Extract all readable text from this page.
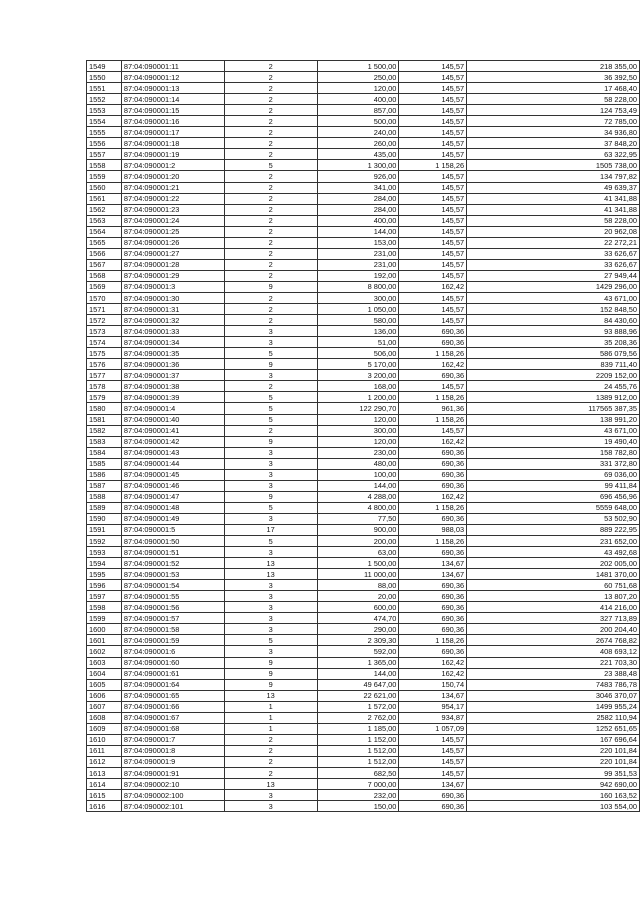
1549	87:04:090001:11	2	1 500,00	145,57	218 355,00
1550	87:04:090001:12	2	250,00	145,57	36 392,50
1551	87:04:090001:13	2	120,00	145,57	17 468,40
1552	87:04:090001:14	2	400,00	145,57	58 228,00
1553	87:04:090001:15	2	857,00	145,57	124 753,49
1554	87:04:090001:16	2	500,00	145,57	72 785,00
1555	87:04:090001:17	2	240,00	145,57	34 936,80
1556	87:04:090001:18	2	260,00	145,57	37 848,20
1557	87:04:090001:19	2	435,00	145,57	63 322,95
1558	87:04:090001:2	5	1 300,00	1 158,26	1505 738,00
1559	87:04:090001:20	2	926,00	145,57	134 797,82
1560	87:04:090001:21	2	341,00	145,57	49 639,37
1561	87:04:090001:22	2	284,00	145,57	41 341,88
1562	87:04:090001:23	2	284,00	145,57	41 341,88
1563	87:04:090001:24	2	400,00	145,57	58 228,00
1564	87:04:090001:25	2	144,00	145,57	20 962,08
1565	87:04:090001:26	2	153,00	145,57	22 272,21
1566	87:04:090001:27	2	231,00	145,57	33 626,67
1567	87:04:090001:28	2	231,00	145,57	33 626,67
1568	87:04:090001:29	2	192,00	145,57	27 949,44
1569	87:04:090001:3	9	8 800,00	162,42	1429 296,00
1570	87:04:090001:30	2	300,00	145,57	43 671,00
1571	87:04:090001:31	2	1 050,00	145,57	152 848,50
1572	87:04:090001:32	2	580,00	145,57	84 430,60
1573	87:04:090001:33	3	136,00	690,36	93 888,96
1574	87:04:090001:34	3	51,00	690,36	35 208,36
1575	87:04:090001:35	5	506,00	1 158,26	586 079,56
1576	87:04:090001:36	9	5 170,00	162,42	839 711,40
1577	87:04:090001:37	3	3 200,00	690,36	2209 152,00
1578	87:04:090001:38	2	168,00	145,57	24 455,76
1579	87:04:090001:39	5	1 200,00	1 158,26	1389 912,00
1580	87:04:090001:4	5	122 290,70	961,36	117565 387,35
1581	87:04:090001:40	5	120,00	1 158,26	138 991,20
1582	87:04:090001:41	2	300,00	145,57	43 671,00
1583	87:04:090001:42	9	120,00	162,42	19 490,40
1584	87:04:090001:43	3	230,00	690,36	158 782,80
1585	87:04:090001:44	3	480,00	690,36	331 372,80
1586	87:04:090001:45	3	100,00	690,36	69 036,00
1587	87:04:090001:46	3	144,00	690,36	99 411,84
1588	87:04:090001:47	9	4 288,00	162,42	696 456,96
1589	87:04:090001:48	5	4 800,00	1 158,26	5559 648,00
1590	87:04:090001:49	3	77,50	690,36	53 502,90
1591	87:04:090001:5	17	900,00	988,03	889 222,95
1592	87:04:090001:50	5	200,00	1 158,26	231 652,00
1593	87:04:090001:51	3	63,00	690,36	43 492,68
1594	87:04:090001:52	13	1 500,00	134,67	202 005,00
1595	87:04:090001:53	13	11 000,00	134,67	1481 370,00
1596	87:04:090001:54	3	88,00	690,36	60 751,68
1597	87:04:090001:55	3	20,00	690,36	13 807,20
1598	87:04:090001:56	3	600,00	690,36	414 216,00
1599	87:04:090001:57	3	474,70	690,36	327 713,89
1600	87:04:090001:58	3	290,00	690,36	200 204,40
1601	87:04:090001:59	5	2 309,30	1 158,26	2674 768,82
1602	87:04:090001:6	3	592,00	690,36	408 693,12
1603	87:04:090001:60	9	1 365,00	162,42	221 703,30
1604	87:04:090001:61	9	144,00	162,42	23 388,48
1605	87:04:090001:64	9	49 647,00	150,74	7483 786,78
1606	87:04:090001:65	13	22 621,00	134,67	3046 370,07
1607	87:04:090001:66	1	1 572,00	954,17	1499 955,24
1608	87:04:090001:67	1	2 762,00	934,87	2582 110,94
1609	87:04:090001:68	1	1 185,00	1 057,09	1252 651,65
1610	87:04:090001:7	2	1 152,00	145,57	167 696,64
1611	87:04:090001:8	2	1 512,00	145,57	220 101,84
1612	87:04:090001:9	2	1 512,00	145,57	220 101,84
1613	87:04:090001:91	2	682,50	145,57	99 351,53
1614	87:04:090002:10	13	7 000,00	134,67	942 690,00
1615	87:04:090002:100	3	232,00	690,36	160 163,52
1616	87:04:090002:101	3	150,00	690,36	103 554,00
